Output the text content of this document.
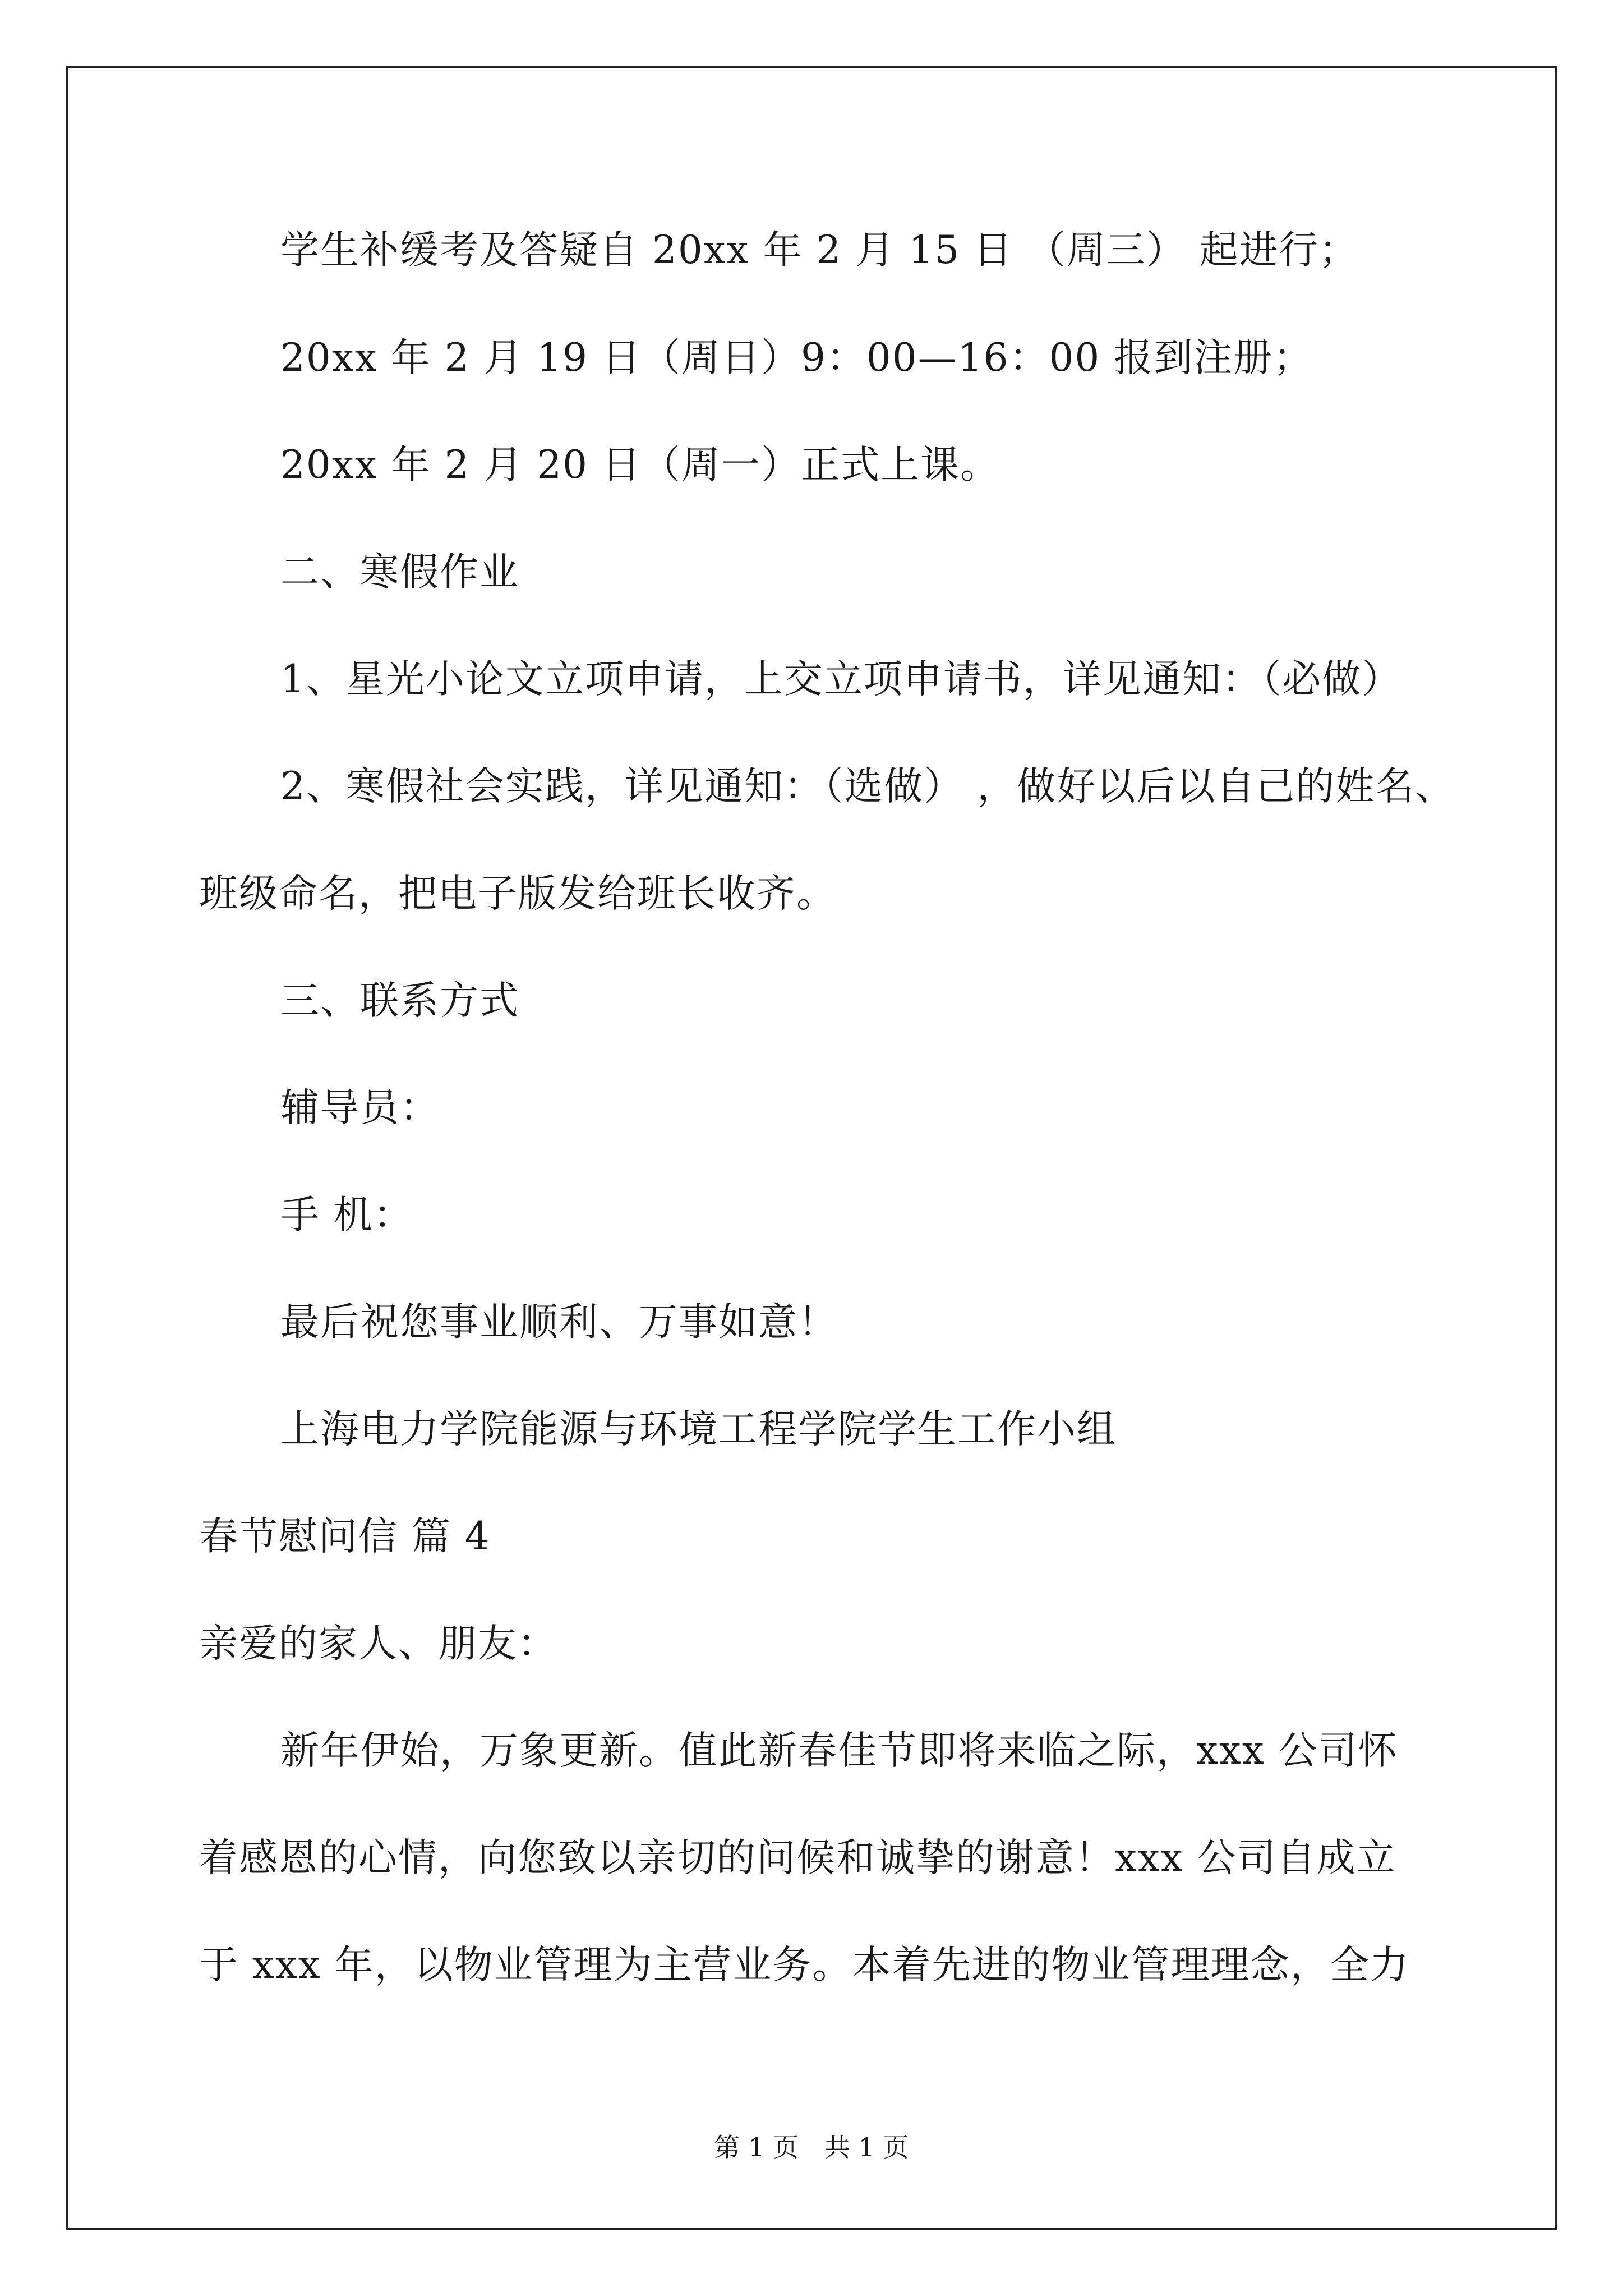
学生补缓考及答疑自 20xx 年 2 月 15 日 （周三） 起进行；
20xx 年 2 月 19 日（周日）9：00—16：00 报到注册；
20xx 年 2 月 20 日（周一）正式上课。
二、寒假作业
1、星光小论文立项申请，上交立项申请书，详见通知：（必做）
2、寒假社会实践，详见通知：（选做） ，做好以后以自己的姓名、
班级命名，把电子版发给班长收齐。
三、联系方式
辅导员：
手 机：
最后祝您事业顺利、万事如意！
上海电力学院能源与环境工程学院学生工作小组
春节慰问信 篇 4
亲爱的家人、朋友：
新年伊始，万象更新。值此新春佳节即将来临之际，xxx 公司怀
着感恩的心情，向您致以亲切的问候和诚挚的谢意！xxx 公司自成立
于 xxx 年，以物业管理为主营业务。本着先进的物业管理理念，全力
第 1 页　共 1 页
